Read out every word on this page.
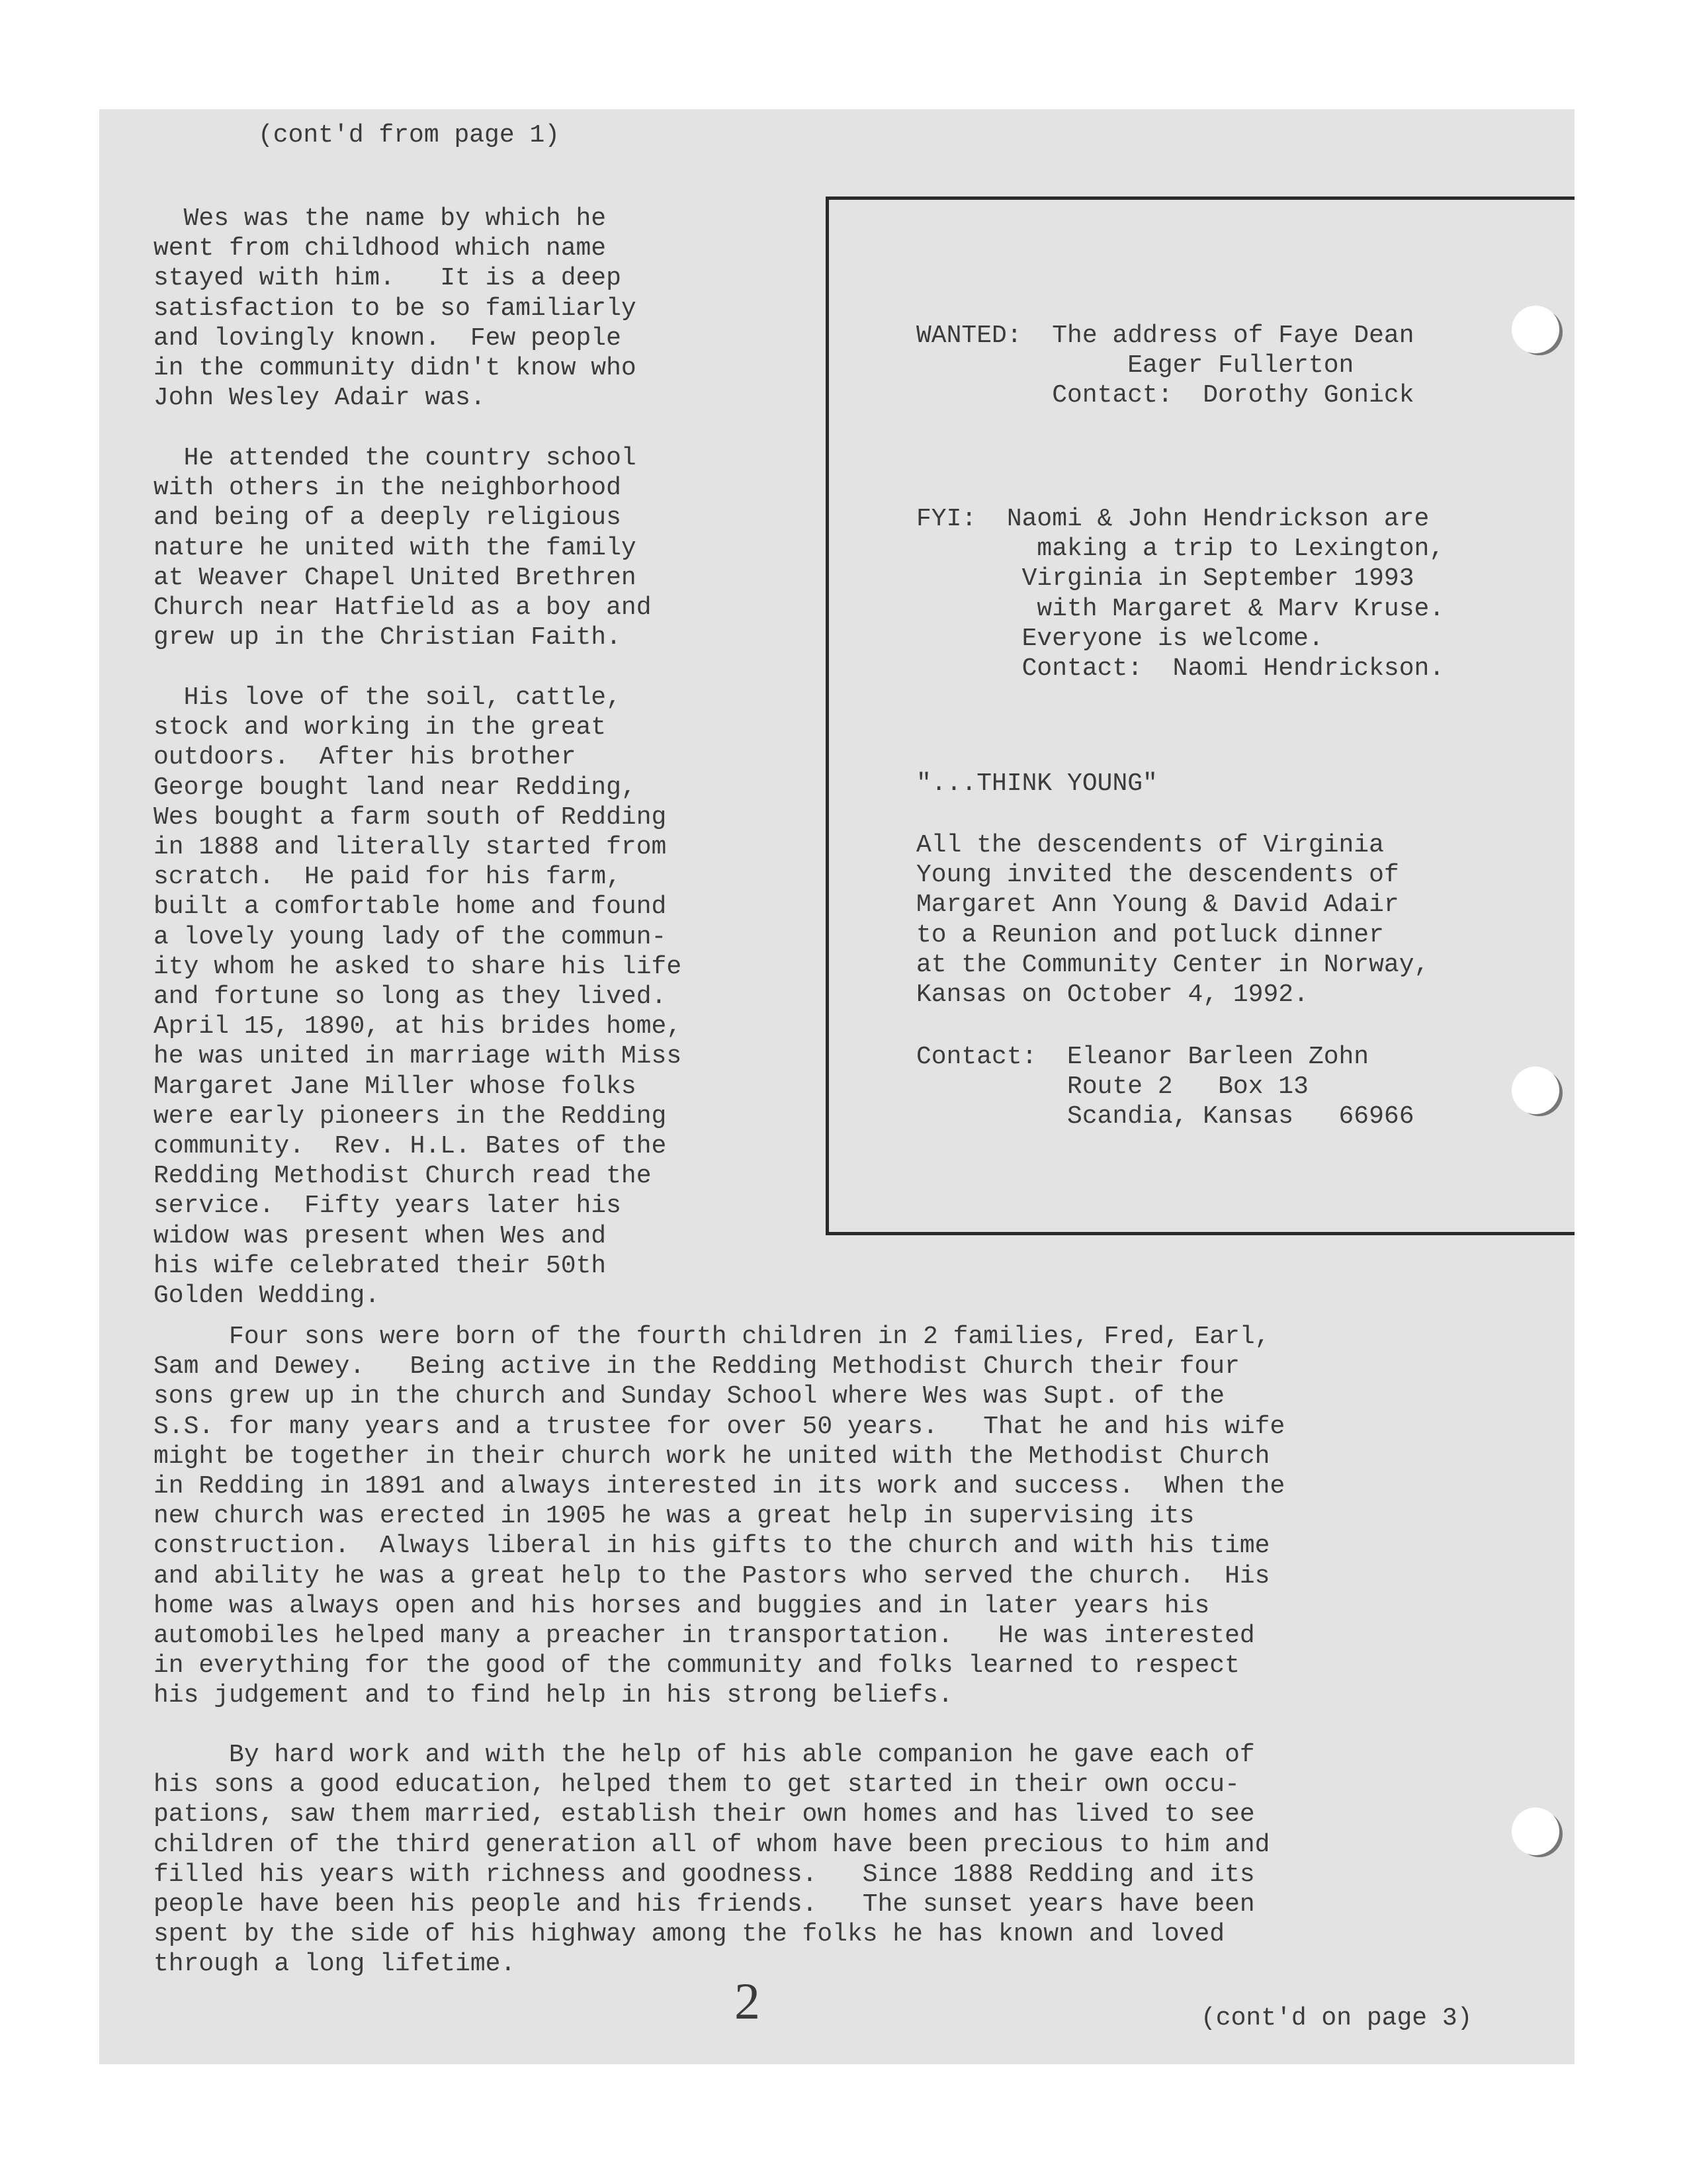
(cont'd from page 1)
Wes was the name by which he
went from childhood which name
stayed with him.   It is a deep
satisfaction to be so familiarly
and lovingly known.  Few people
in the community didn't know who
John Wesley Adair was.
He attended the country school
with others in the neighborhood
and being of a deeply religious
nature he united with the family
at Weaver Chapel United Brethren
Church near Hatfield as a boy and
grew up in the Christian Faith.
His love of the soil, cattle,
stock and working in the great
outdoors.  After his brother
George bought land near Redding,
Wes bought a farm south of Redding
in 1888 and literally started from
scratch.  He paid for his farm,
built a comfortable home and found
a lovely young lady of the commun-
ity whom he asked to share his life
and fortune so long as they lived.
April 15, 1890, at his brides home,
he was united in marriage with Miss
Margaret Jane Miller whose folks
were early pioneers in the Redding
community.  Rev. H.L. Bates of the
Redding Methodist Church read the
service.  Fifty years later his
widow was present when Wes and
his wife celebrated their 50th
Golden Wedding.
WANTED:  The address of Faye Dean
Eager Fullerton
Contact:  Dorothy Gonick
FYI:  Naomi & John Hendrickson are
making a trip to Lexington,
Virginia in September 1993
with Margaret & Marv Kruse.
Everyone is welcome.
Contact:  Naomi Hendrickson.
"...THINK YOUNG"
All the descendents of Virginia
Young invited the descendents of
Margaret Ann Young & David Adair
to a Reunion and potluck dinner
at the Community Center in Norway,
Kansas on October 4, 1992.
Contact:  Eleanor Barleen Zohn
Route 2   Box 13
Scandia, Kansas   66966
Four sons were born of the fourth children in 2 families, Fred, Earl,
Sam and Dewey.   Being active in the Redding Methodist Church their four
sons grew up in the church and Sunday School where Wes was Supt. of the
S.S. for many years and a trustee for over 50 years.   That he and his wife
might be together in their church work he united with the Methodist Church
in Redding in 1891 and always interested in its work and success.  When the
new church was erected in 1905 he was a great help in supervising its
construction.  Always liberal in his gifts to the church and with his time
and ability he was a great help to the Pastors who served the church.  His
home was always open and his horses and buggies and in later years his
automobiles helped many a preacher in transportation.   He was interested
in everything for the good of the community and folks learned to respect
his judgement and to find help in his strong beliefs.
By hard work and with the help of his able companion he gave each of
his sons a good education, helped them to get started in their own occu-
pations, saw them married, establish their own homes and has lived to see
children of the third generation all of whom have been precious to him and
filled his years with richness and goodness.   Since 1888 Redding and its
people have been his people and his friends.   The sunset years have been
spent by the side of his highway among the folks he has known and loved
through a long lifetime.
2	(cont'd on page 3)
